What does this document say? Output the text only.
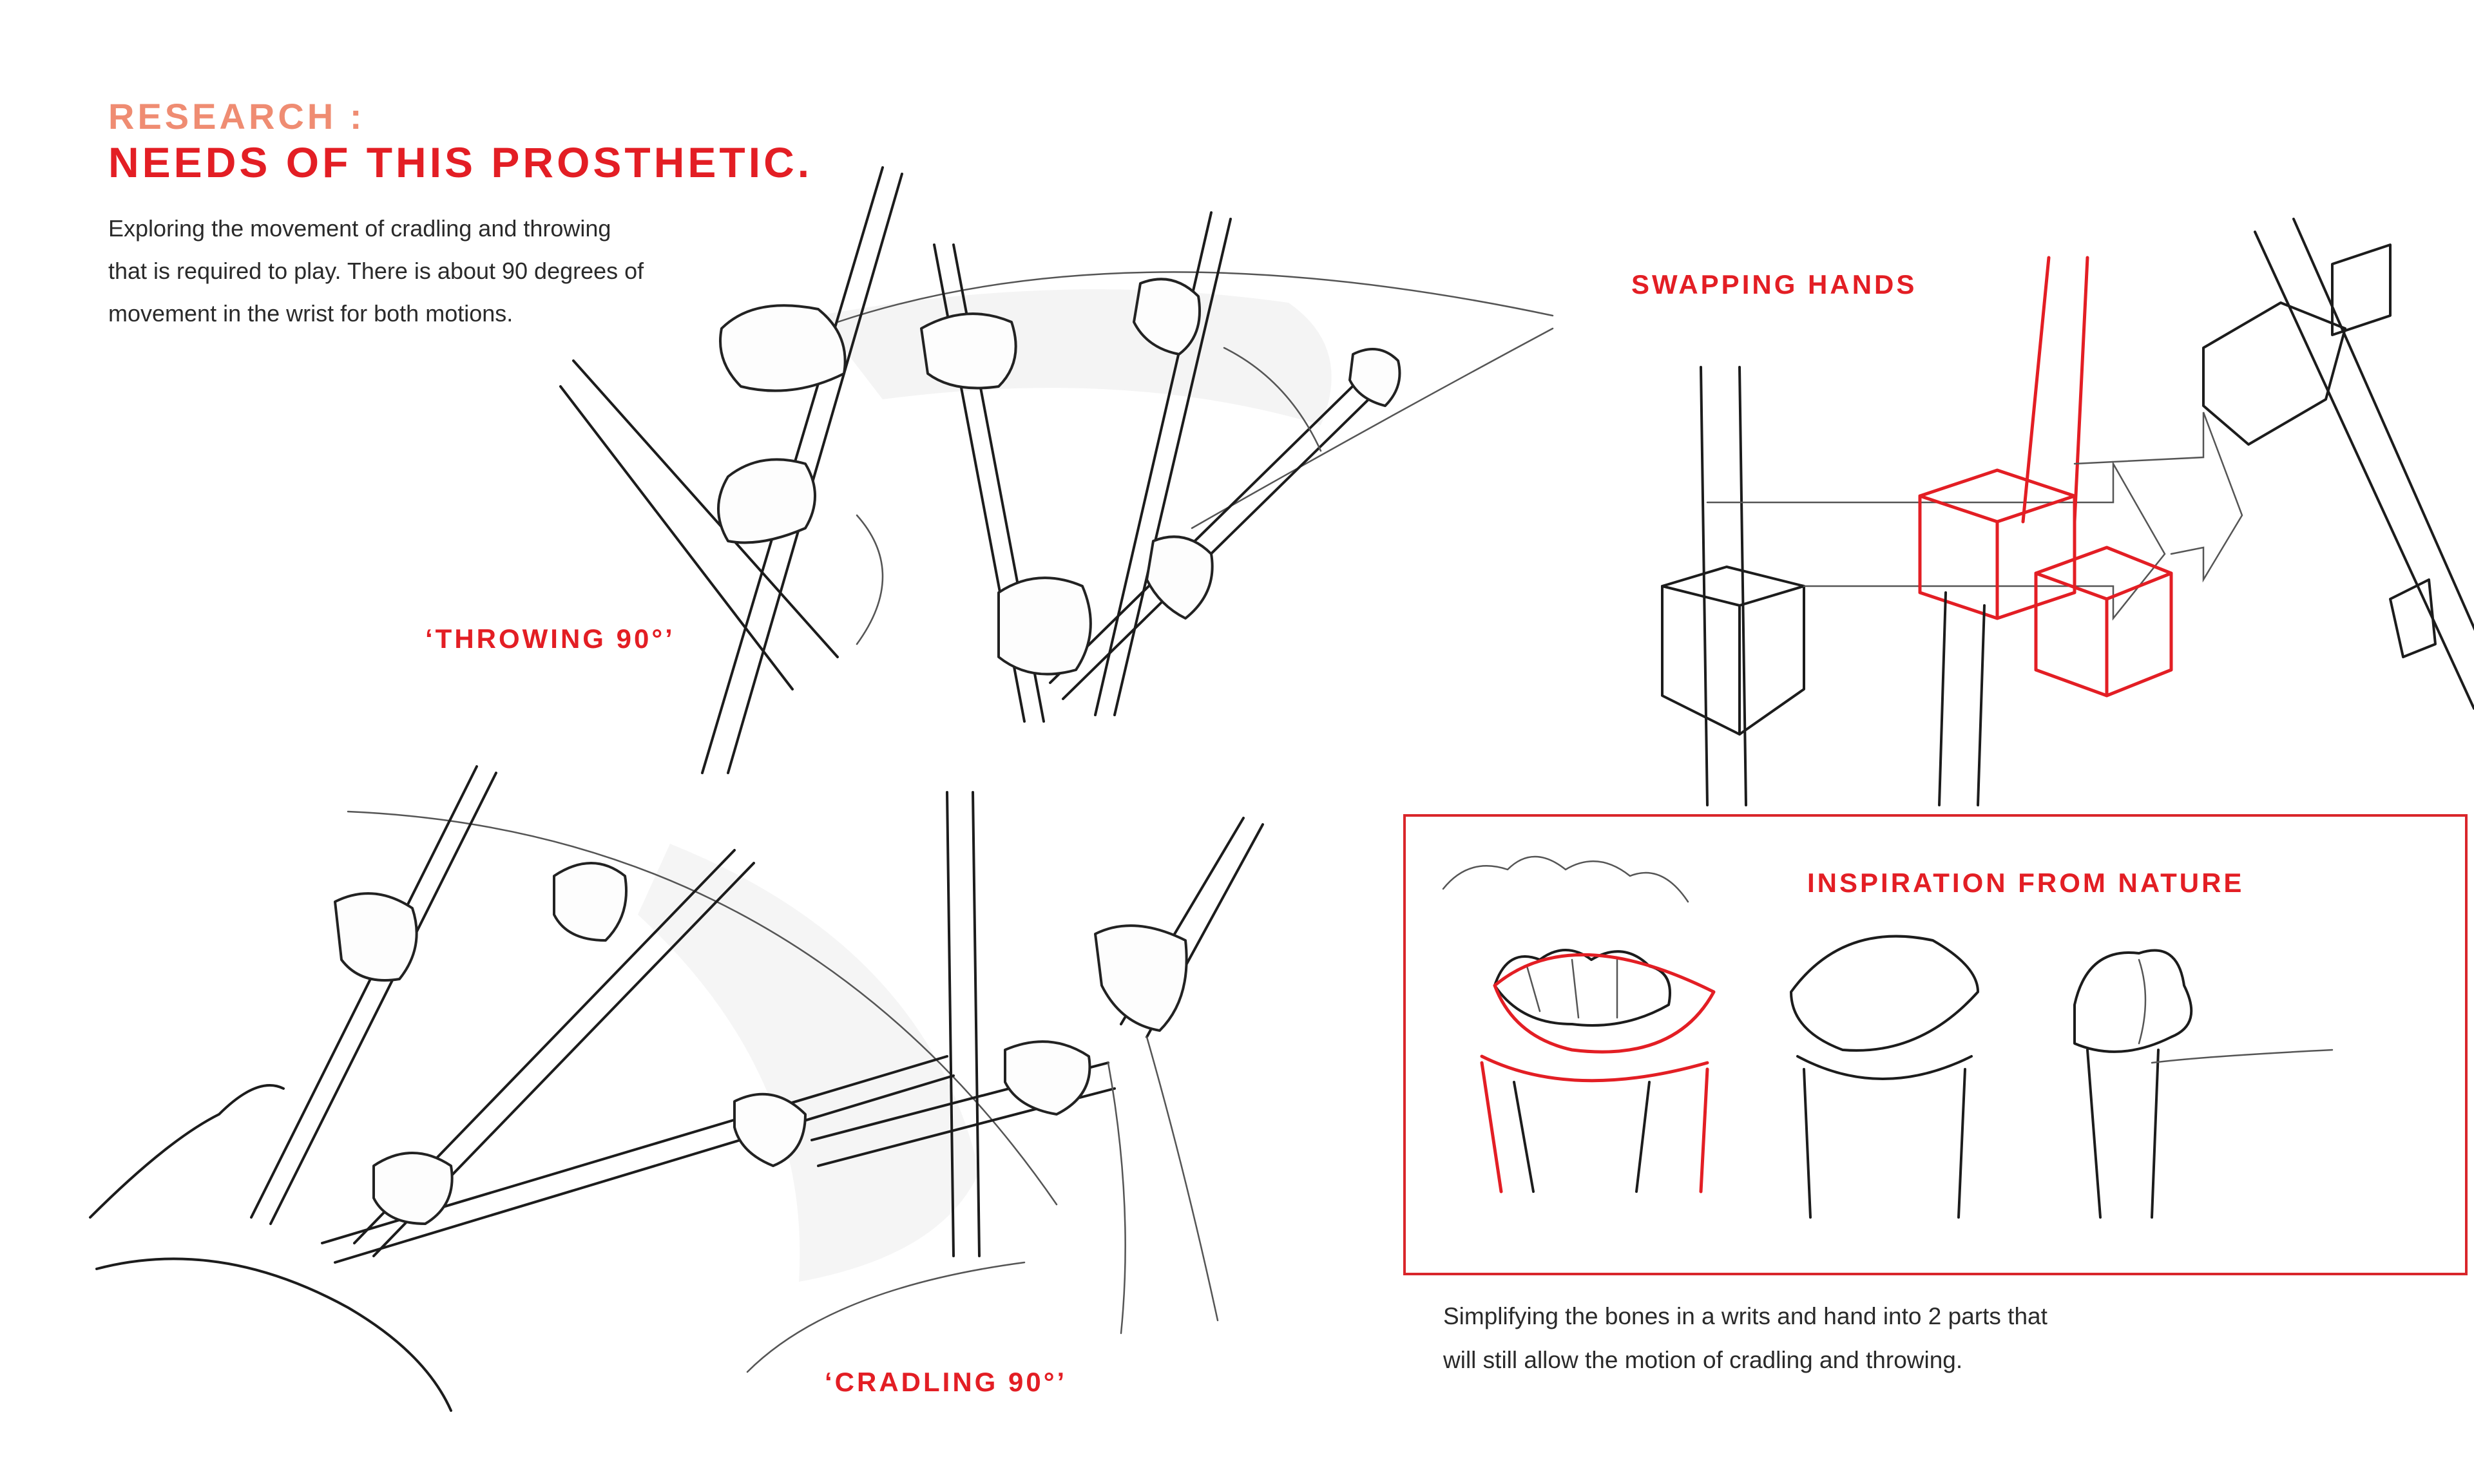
RESEARCH :
NEEDS OF THIS PROSTHETIC.
Exploring the movement of cradling and throwing
that is required to play. There is about 90 degrees of
movement in the wrist for both motions.
‘THROWING 90°’
‘CRADLING 90°’
SWAPPING HANDS
INSPIRATION FROM NATURE
Simplifying the bones in a writs and hand into 2 parts that
will still allow the motion of cradling and throwing.
